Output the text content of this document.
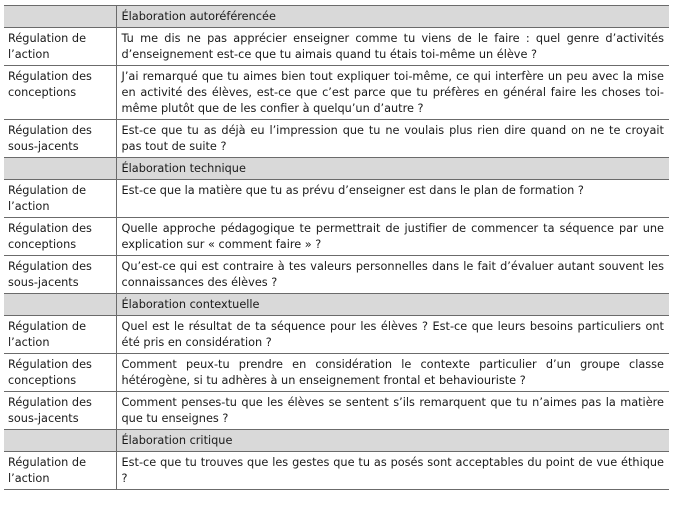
	Élaboration autoréférencée
Régulation de l’action	Tu me dis ne pas apprécier enseigner comme tu viens de le faire : quel genre d’activités d’enseignement est-ce que tu aimais quand tu étais toi-même un élève ?
Régulation des conceptions	J’ai remarqué que tu aimes bien tout expliquer toi-même, ce qui interfère un peu avec la mise en activité des élèves, est-ce que c’est parce que tu préfères en général faire les choses toi-même plutôt que de les confier à quelqu’un d’autre ?
Régulation des sous-jacents	Est-ce que tu as déjà eu l’impression que tu ne voulais plus rien dire quand on ne te croyait pas tout de suite ?
	Élaboration technique
Régulation de l’action	Est-ce que la matière que tu as prévu d’enseigner est dans le plan de formation ?
Régulation des conceptions	Quelle approche pédagogique te permettrait de justifier de commencer ta séquence par une explication sur « comment faire » ?
Régulation des sous-jacents	Qu’est-ce qui est contraire à tes valeurs personnelles dans le fait d’évaluer autant souvent les connaissances des élèves ?
	Élaboration contextuelle
Régulation de l’action	Quel est le résultat de ta séquence pour les élèves ? Est-ce que leurs besoins particuliers ont été pris en considération ?
Régulation des conceptions	Comment peux-tu prendre en considération le contexte particulier d’un groupe classe hétérogène, si tu adhères à un enseignement frontal et behaviouriste ?
Régulation des sous-jacents	Comment penses-tu que les élèves se sentent s’ils remarquent que tu n’aimes pas la matière que tu enseignes ?
	Élaboration critique
Régulation de l’action	Est-ce que tu trouves que les gestes que tu as posés sont acceptables du point de vue éthique ?
